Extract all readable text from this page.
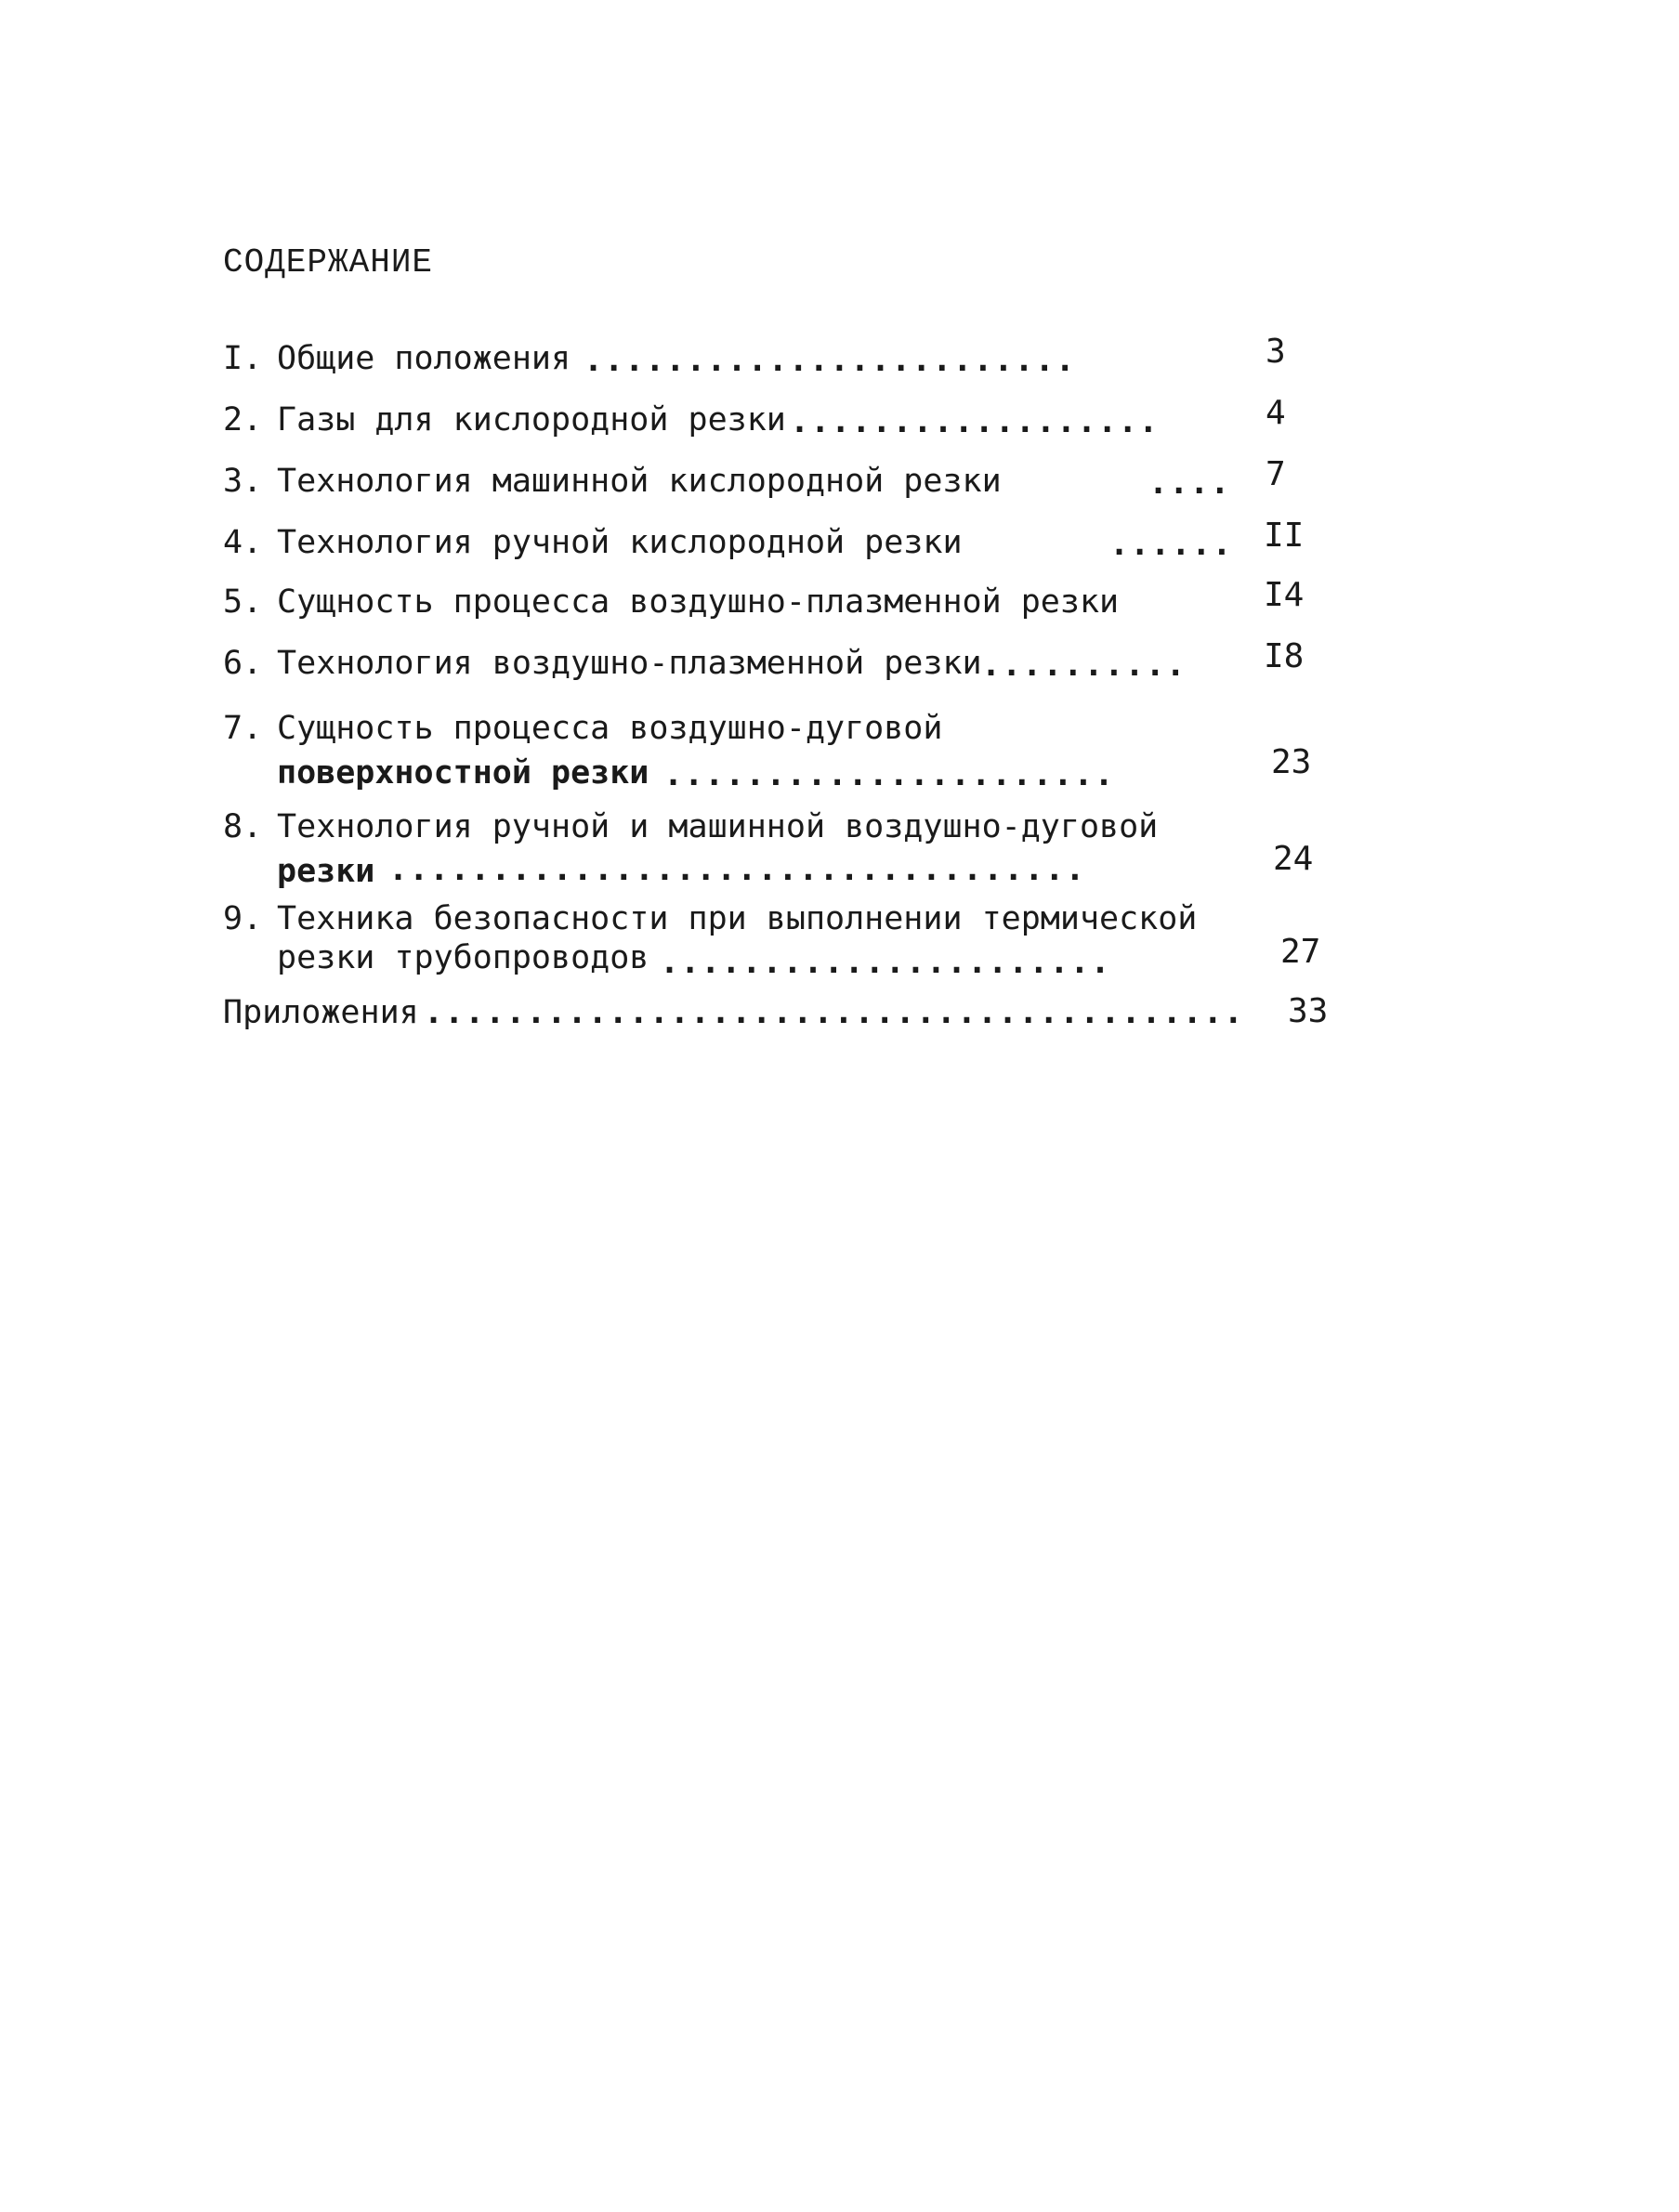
СОДЕРЖАНИЕ
I. Общие положения ........................	3
2. Газы для кислородной резки ..................	4
3. Технология машинной кислородной резки	.... 7
4. Технология ручной кислородной резки	...... II
5. Сущность процесса воздушно-плазменной резки	I4
6. Технология воздушно-плазменной резки .......... I8
7. Сущность процесса воздушно-дуговой
поверхностной резки ......................	23
8. Технология ручной и машинной воздушно-дуговой
резки ..................................	24
9. Техника безопасности при выполнении термической
резки трубопроводов ......................	27
Приложения ........................................ 33
